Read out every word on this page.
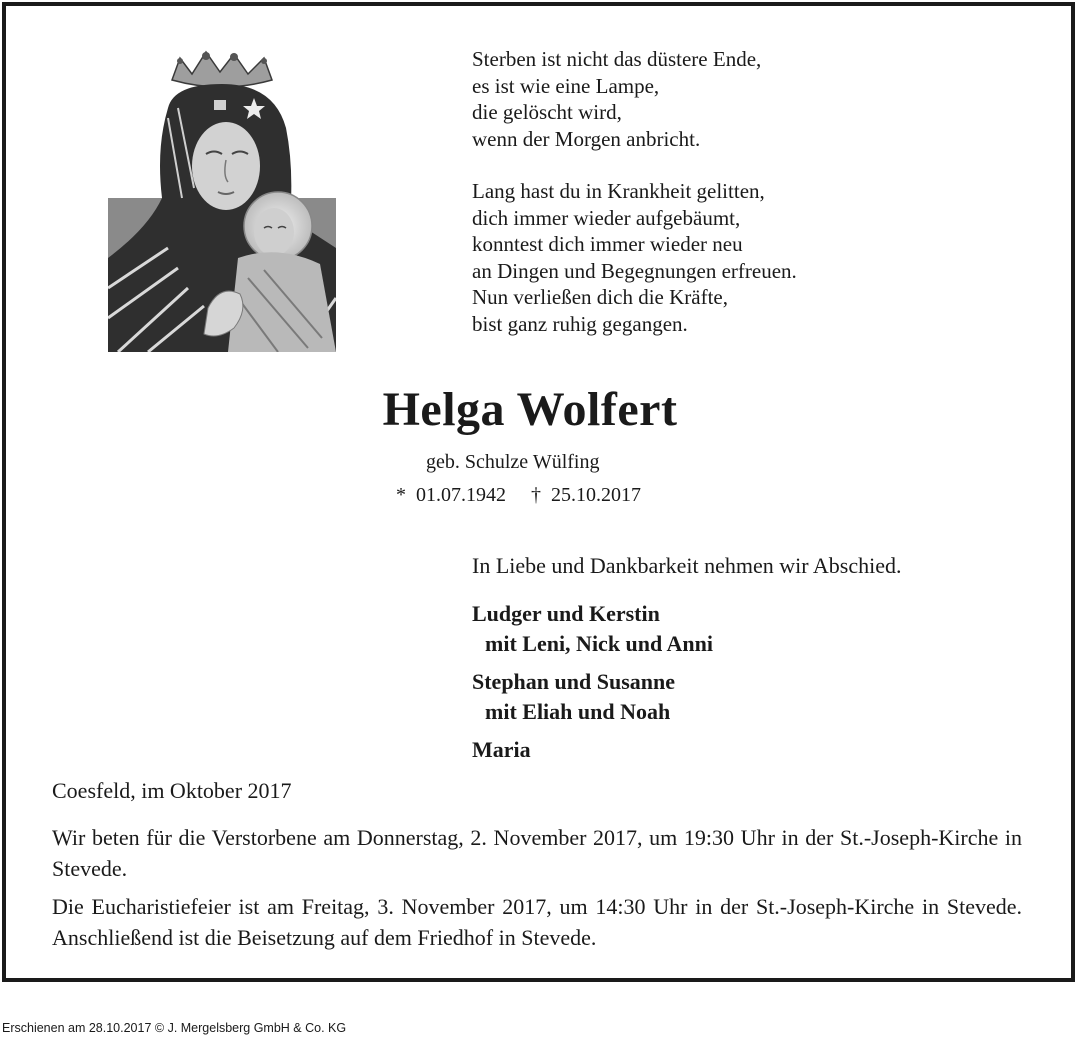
Sterben ist nicht das düstere Ende,
es ist wie eine Lampe,
die gelöscht wird,
wenn der Morgen anbricht.
Lang hast du in Krankheit gelitten,
dich immer wieder aufgebäumt,
konntest dich immer wieder neu
an Dingen und Begegnungen erfreuen.
Nun verließen dich die Kräfte,
bist ganz ruhig gegangen.
Helga Wolfert
geb. Schulze Wülfing
* 01.07.1942 † 25.10.2017
In Liebe und Dankbarkeit nehmen wir Abschied.
Ludger und Kerstin
mit Leni, Nick und Anni
Stephan und Susanne
mit Eliah und Noah
Maria
Coesfeld, im Oktober 2017
Wir beten für die Verstorbene am Donnerstag, 2. November 2017, um 19:30 Uhr in der St.-Joseph-Kirche in Stevede.
Die Eucharistiefeier ist am Freitag, 3. November 2017, um 14:30 Uhr in der St.-Joseph-Kirche in Stevede. Anschließend ist die Beisetzung auf dem Friedhof in Stevede.
Erschienen am 28.10.2017 © J. Mergelsberg GmbH & Co. KG
